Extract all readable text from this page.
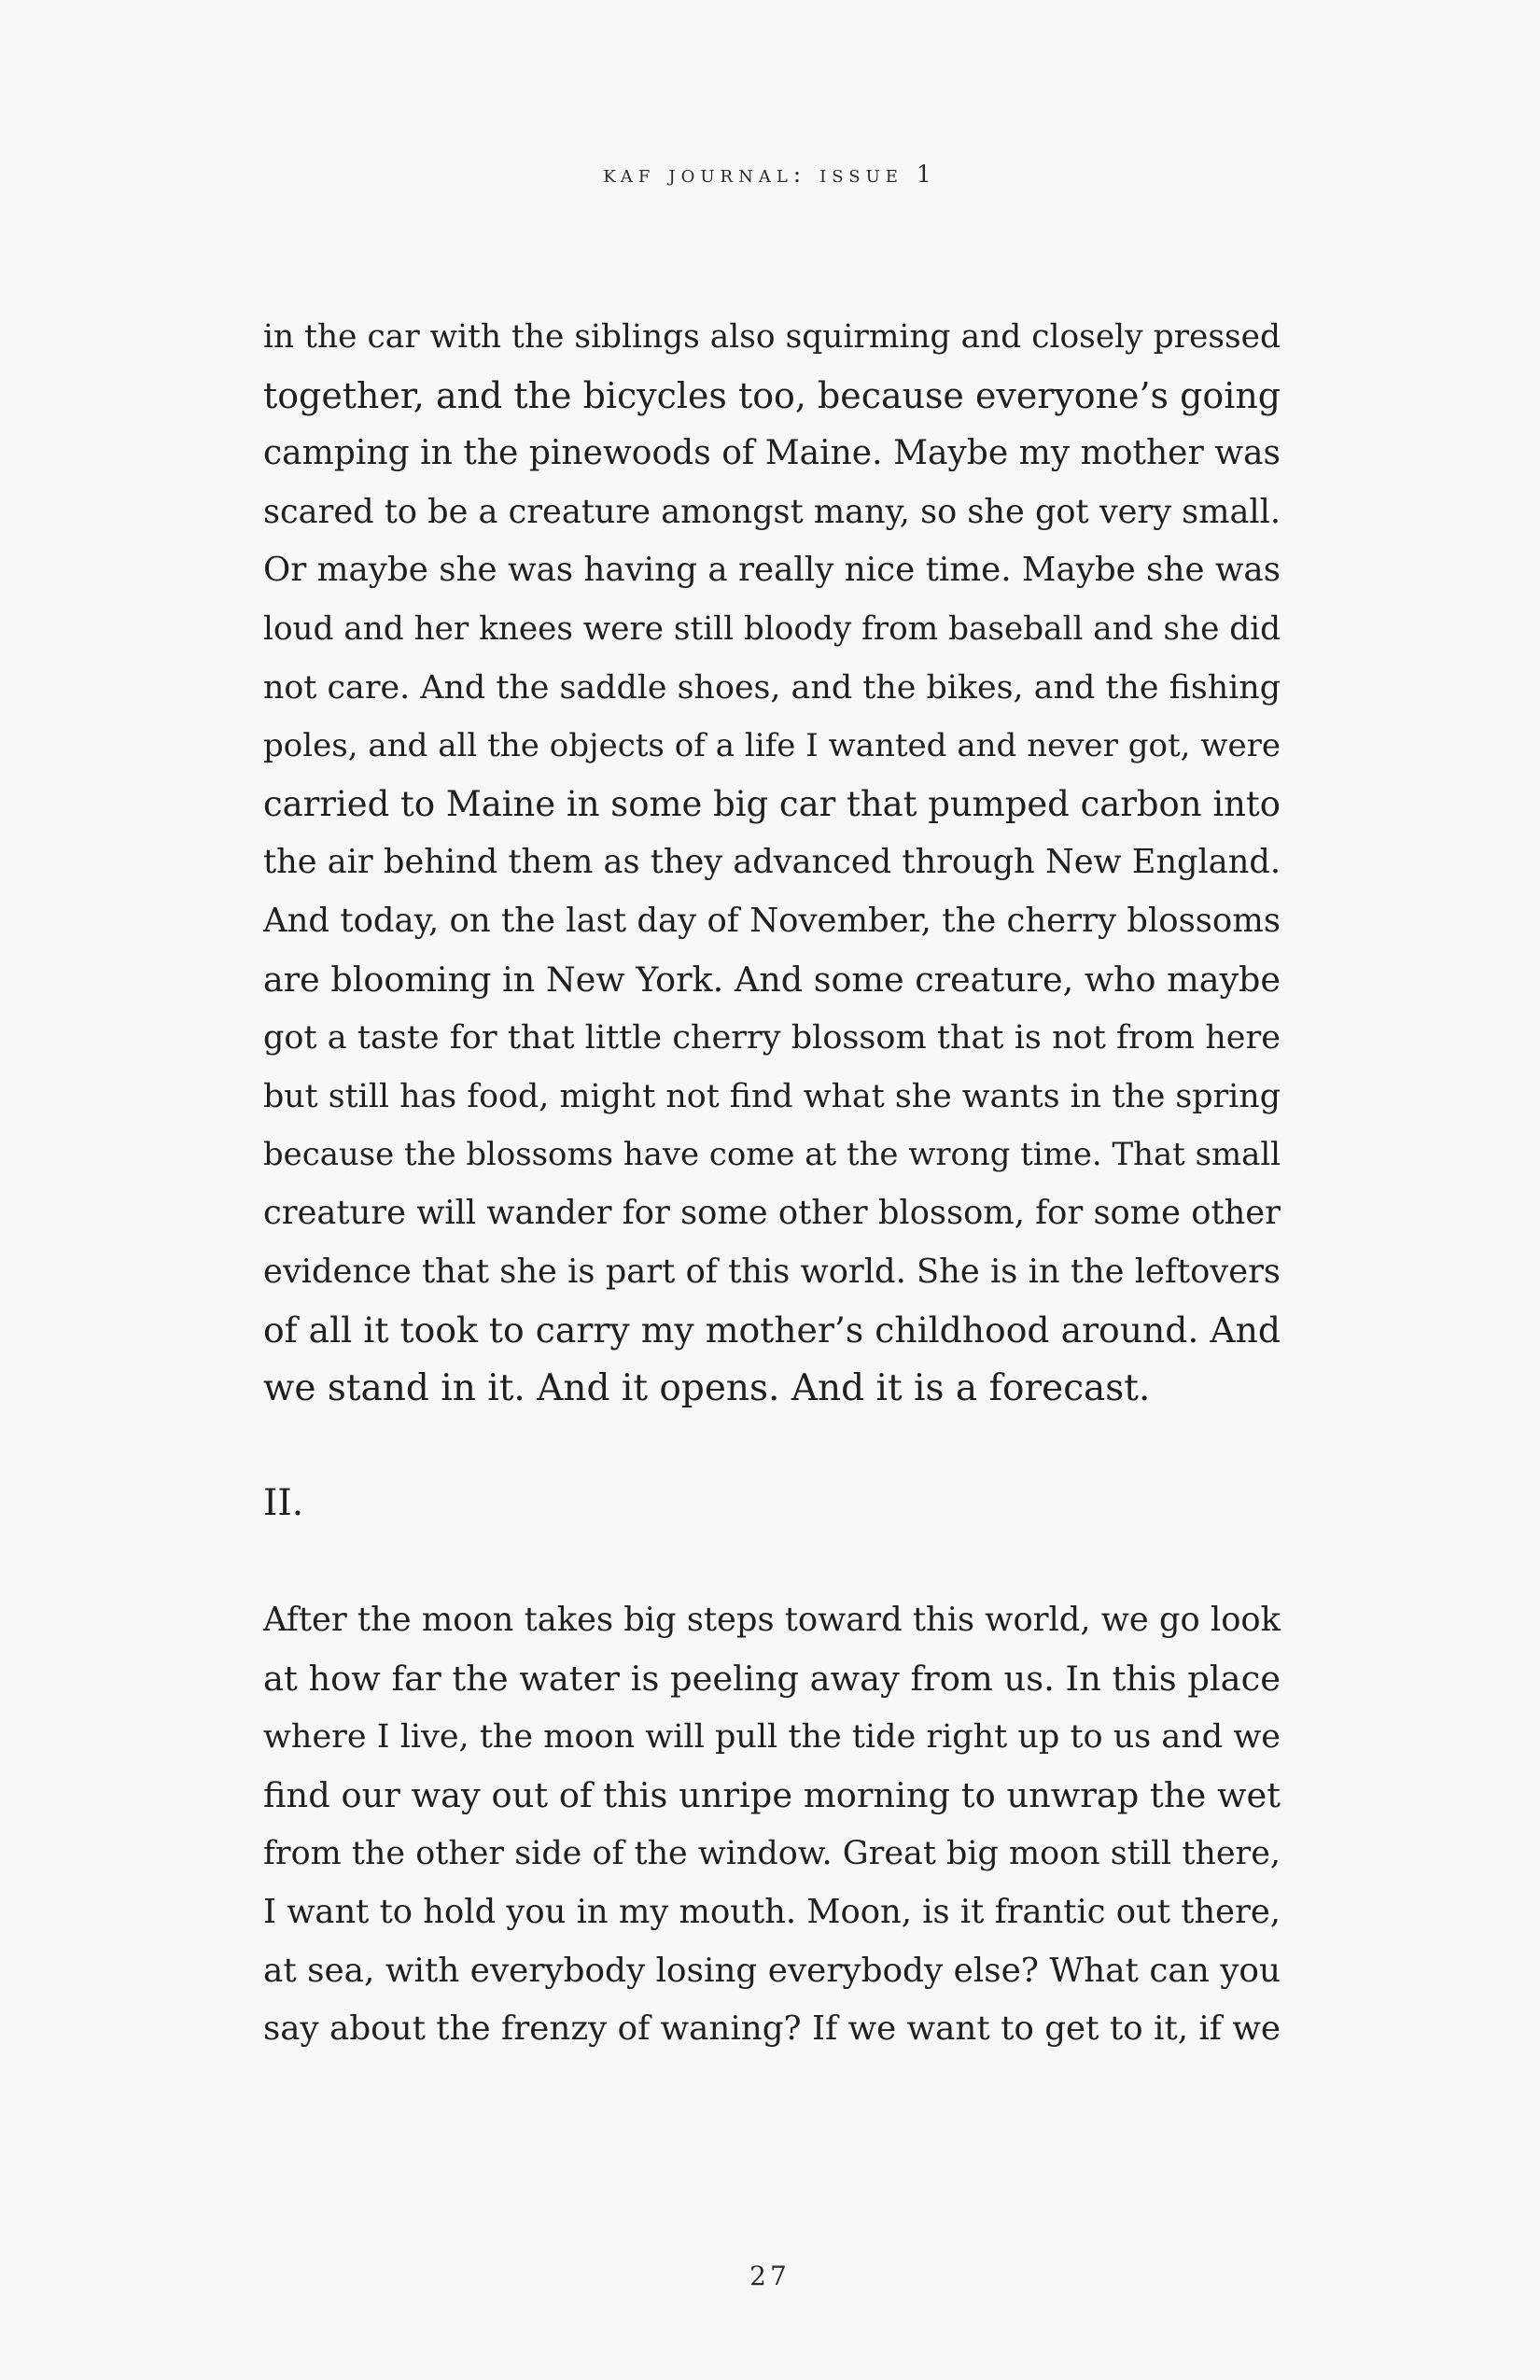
kaf journal: issue 1
in the car with the siblings also squirming and closely pressed
together, and the bicycles too, because everyone’s going
camping in the pinewoods of Maine. Maybe my mother was
scared to be a creature amongst many, so she got very small.
Or maybe she was having a really nice time. Maybe she was
loud and her knees were still bloody from baseball and she did
not care. And the saddle shoes, and the bikes, and the fishing
poles, and all the objects of a life I wanted and never got, were
carried to Maine in some big car that pumped carbon into
the air behind them as they advanced through New England.
And today, on the last day of November, the cherry blossoms
are blooming in New York. And some creature, who maybe
got a taste for that little cherry blossom that is not from here
but still has food, might not find what she wants in the spring
because the blossoms have come at the wrong time. That small
creature will wander for some other blossom, for some other
evidence that she is part of this world. She is in the leftovers
of all it took to carry my mother’s childhood around. And
we stand in it. And it opens. And it is a forecast.
II.
After the moon takes big steps toward this world, we go look
at how far the water is peeling away from us. In this place
where I live, the moon will pull the tide right up to us and we
find our way out of this unripe morning to unwrap the wet
from the other side of the window. Great big moon still there,
I want to hold you in my mouth. Moon, is it frantic out there,
at sea, with everybody losing everybody else? What can you
say about the frenzy of waning? If we want to get to it, if we
27
